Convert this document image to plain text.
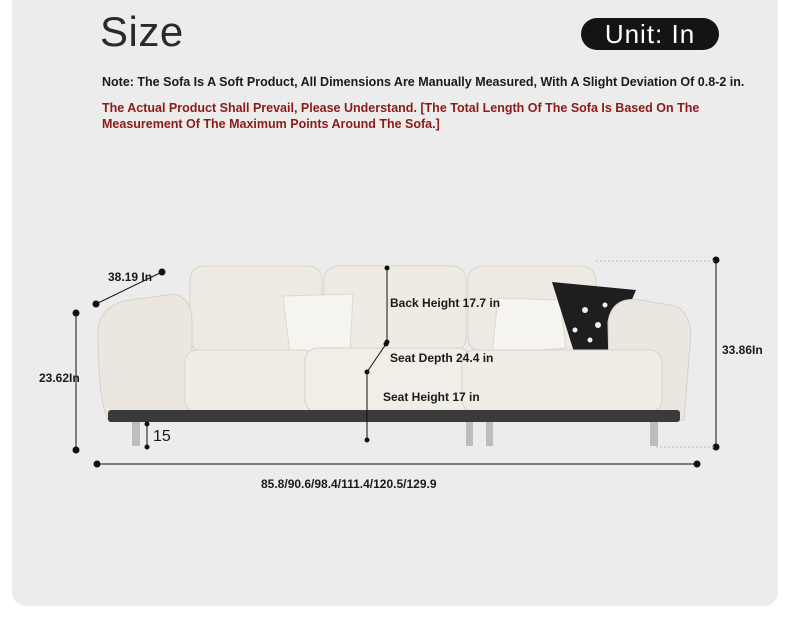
Size	Unit: In
Note: The Sofa Is A Soft Product, All Dimensions Are Manually Measured, With A Slight Deviation Of 0.8-2 in.
The Actual Product Shall Prevail, Please Understand. [The Total Length Of The Sofa Is Based On The Measurement Of The Maximum Points Around The Sofa.]
38.19 In
Back Height 17.7 in
Seat Depth 24.4 in
Seat Height 17 in
15
23.62In
33.86In
85.8/90.6/98.4/111.4/120.5/129.9
